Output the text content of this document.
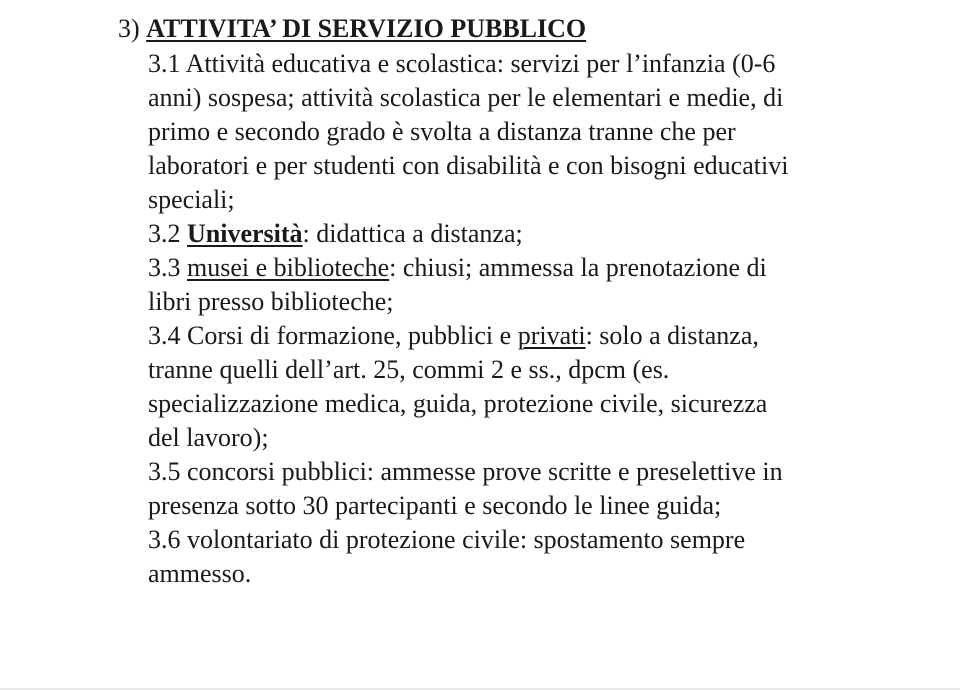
3) ATTIVITA’ DI SERVIZIO PUBBLICO
3.1 Attività educativa e scolastica: servizi per l’infanzia (0-6
anni) sospesa; attività scolastica per le elementari e medie, di
primo e secondo grado è svolta a distanza tranne che per
laboratori e per studenti con disabilità e con bisogni educativi
speciali;
3.2 Università: didattica a distanza;
3.3 musei e biblioteche: chiusi; ammessa la prenotazione di
libri presso biblioteche;
3.4 Corsi di formazione, pubblici e privati: solo a distanza,
tranne quelli dell’art. 25, commi 2 e ss., dpcm (es.
specializzazione medica, guida, protezione civile, sicurezza
del lavoro);
3.5 concorsi pubblici: ammesse prove scritte e preselettive in
presenza sotto 30 partecipanti e secondo le linee guida;
3.6 volontariato di protezione civile: spostamento sempre
ammesso.
